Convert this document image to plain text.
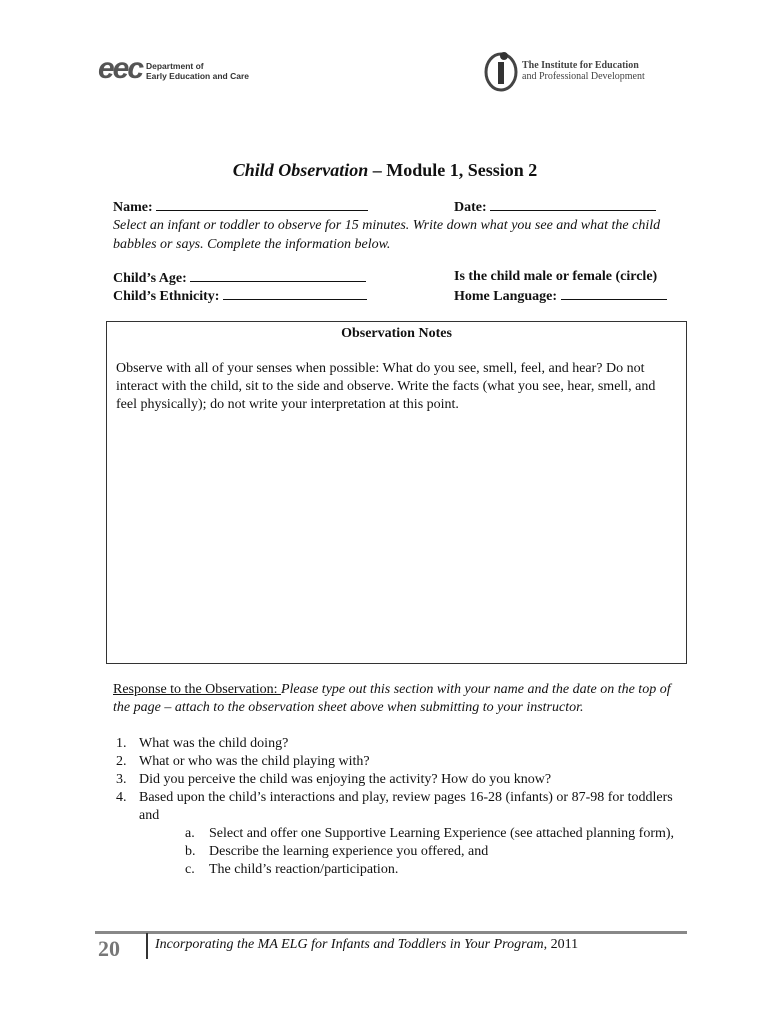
eec Department of
Early Education and Care
The Institute for Education
and Professional Development
Child Observation – Module 1, Session 2
Name:	Date:
Select an infant or toddler to observe for 15 minutes. Write down what you see and what the child babbles or says. Complete the information below.
Child’s Age:	Is the child male or female (circle)
Child’s Ethnicity:	Home Language:
Observation Notes
Observe with all of your senses when possible: What do you see, smell, feel, and hear? Do not interact with the child, sit to the side and observe. Write the facts (what you see, hear, smell, and feel physically); do not write your interpretation at this point.
Response to the Observation: Please type out this section with your name and the date on the top of the page – attach to the observation sheet above when submitting to your instructor.
1. What was the child doing?
2. What or who was the child playing with?
3. Did you perceive the child was enjoying the activity? How do you know?
4. Based upon the child’s interactions and play, review pages 16-28 (infants) or 87-98 for toddlers and
a. Select and offer one Supportive Learning Experience (see attached planning form),
b. Describe the learning experience you offered, and
c. The child’s reaction/participation.
20	Incorporating the MA ELG for Infants and Toddlers in Your Program, 2011
